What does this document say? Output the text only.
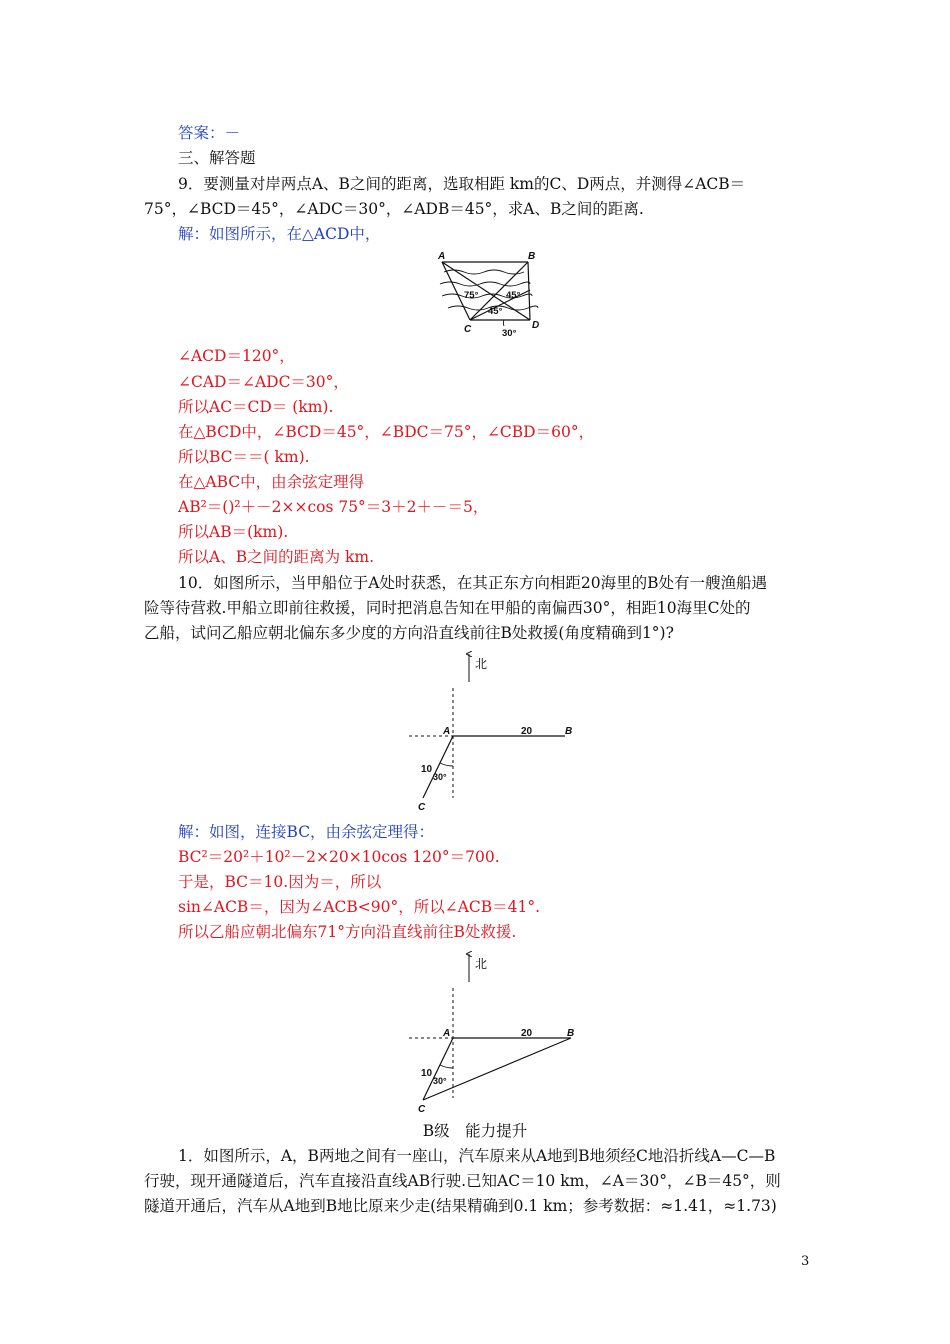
答案：－
三、解答题
9．要测量对岸两点A、B之间的距离，选取相距 km的C、D两点，并测得∠ACB＝
75°，∠BCD＝45°，∠ADC＝30°，∠ADB＝45°，求A、B之间的距离.
解：如图所示，在△ACD中，
A	B
C	D
75°	45°
45°
30°
∠ACD＝120°，
∠CAD＝∠ADC＝30°，
所以AC＝CD＝ (km).
在△BCD中，∠BCD＝45°，∠BDC＝75°，∠CBD＝60°，
所以BC＝＝( km).
在△ABC中，由余弦定理得
AB²＝()²＋－2××cos 75°＝3＋2＋－＝5，
所以AB＝(km).
所以A、B之间的距离为 km.
10．如图所示，当甲船位于A处时获悉，在其正东方向相距20海里的B处有一艘渔船遇
险等待营救.甲船立即前往救援，同时把消息告知在甲船的南偏西30°，相距10海里C处的
乙船，试问乙船应朝北偏东多少度的方向沿直线前往B处救援(角度精确到1°)?
北
A	B
C
20
10
30°
解：如图，连接BC，由余弦定理得：
BC²＝20²＋10²－2×20×10cos 120°＝700.
于是，BC＝10.因为＝，所以
sin∠ACB＝，因为∠ACB<90°，所以∠ACB＝41°.
所以乙船应朝北偏东71°方向沿直线前往B处救援.
北
A	B
C
20
10
30°
B级　能力提升
1．如图所示，A，B两地之间有一座山，汽车原来从A地到B地须经C地沿折线A—C—B
行驶，现开通隧道后，汽车直接沿直线AB行驶.已知AC＝10 km，∠A＝30°，∠B＝45°，则
隧道开通后，汽车从A地到B地比原来少走(结果精确到0.1 km；参考数据：≈1.41，≈1.73)
3
